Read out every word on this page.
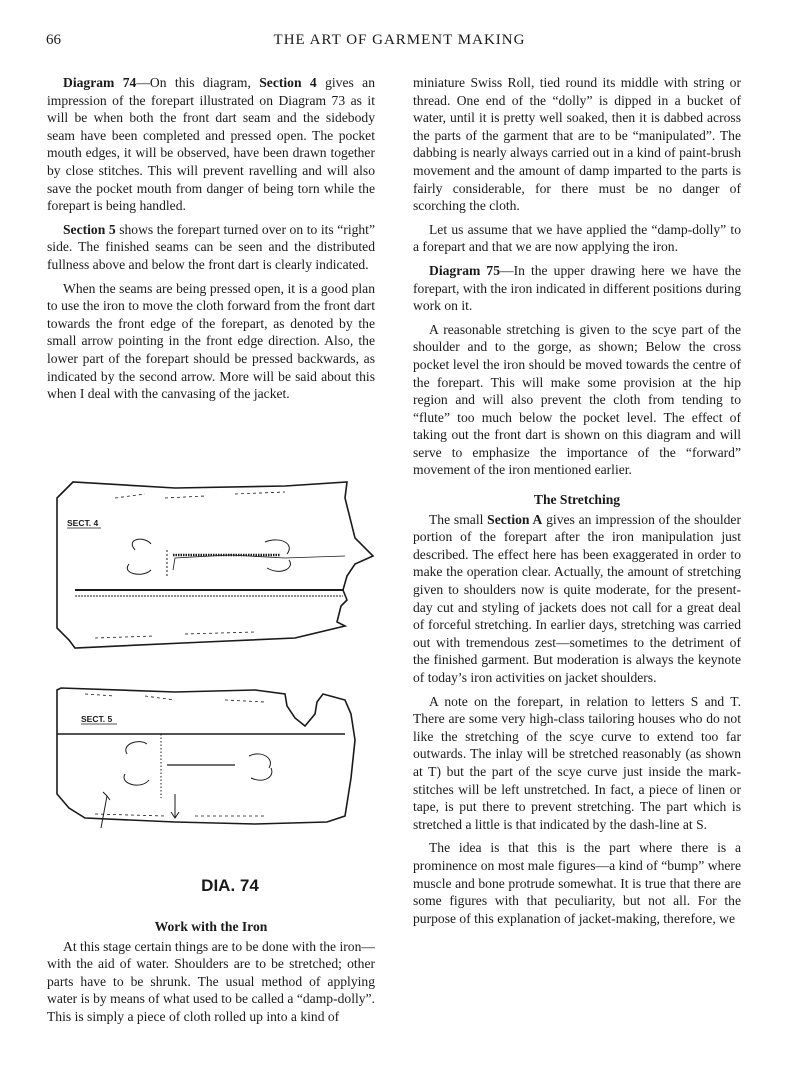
66	THE ART OF GARMENT MAKING

Diagram 74—On this diagram, Section 4 gives an impression of the forepart illustrated on Diagram 73 as it will be when both the front dart seam and the sidebody seam have been completed and pressed open. The pocket mouth edges, it will be observed, have been drawn together by close stitches. This will prevent ravelling and will also save the pocket mouth from danger of being torn while the forepart is being handled.

Section 5 shows the forepart turned over on to its “right” side. The finished seams can be seen and the distributed fullness above and below the front dart is clearly indicated.

When the seams are being pressed open, it is a good plan to use the iron to move the cloth forward from the front dart towards the front edge of the forepart, as denoted by the small arrow pointing in the front edge direction. Also, the lower part of the forepart should be pressed backwards, as indicated by the second arrow. More will be said about this when I deal with the canvasing of the jacket.

SECT. 4
SECT. 5
DIA. 74
Work with the Iron

At this stage certain things are to be done with the iron—with the aid of water. Shoulders are to be stretched; other parts have to be shrunk. The usual method of applying water is by means of what used to be called a “damp-dolly”. This is simply a piece of cloth rolled up into a kind of

miniature Swiss Roll, tied round its middle with string or thread. One end of the “dolly” is dipped in a bucket of water, until it is pretty well soaked, then it is dabbed across the parts of the garment that are to be “manipulated”. The dabbing is nearly always carried out in a kind of paint-brush movement and the amount of damp imparted to the parts is fairly considerable, for there must be no danger of scorching the cloth.

Let us assume that we have applied the “damp-dolly” to a forepart and that we are now applying the iron.

Diagram 75—In the upper drawing here we have the forepart, with the iron indicated in different positions during work on it.

A reasonable stretching is given to the scye part of the shoulder and to the gorge, as shown; Below the cross pocket level the iron should be moved towards the centre of the forepart. This will make some provision at the hip region and will also prevent the cloth from tending to “flute” too much below the pocket level. The effect of taking out the front dart is shown on this diagram and will serve to emphasize the importance of the “forward” movement of the iron mentioned earlier.

The Stretching

The small Section A gives an impression of the shoulder portion of the forepart after the iron manipulation just described. The effect here has been exaggerated in order to make the operation clear. Actually, the amount of stretching given to shoulders now is quite moderate, for the present-day cut and styling of jackets does not call for a great deal of forceful stretching. In earlier days, stretching was carried out with tremendous zest—sometimes to the detriment of the finished garment. But moderation is always the keynote of today’s iron activities on jacket shoulders.

A note on the forepart, in relation to letters S and T. There are some very high-class tailoring houses who do not like the stretching of the scye curve to extend too far outwards. The inlay will be stretched reasonably (as shown at T) but the part of the scye curve just inside the mark-stitches will be left unstretched. In fact, a piece of linen or tape, is put there to prevent stretching. The part which is stretched a little is that indicated by the dash-line at S.

The idea is that this is the part where there is a prominence on most male figures—a kind of “bump” where muscle and bone protrude somewhat. It is true that there are some figures with that peculiarity, but not all. For the purpose of this explanation of jacket-making, therefore, we
